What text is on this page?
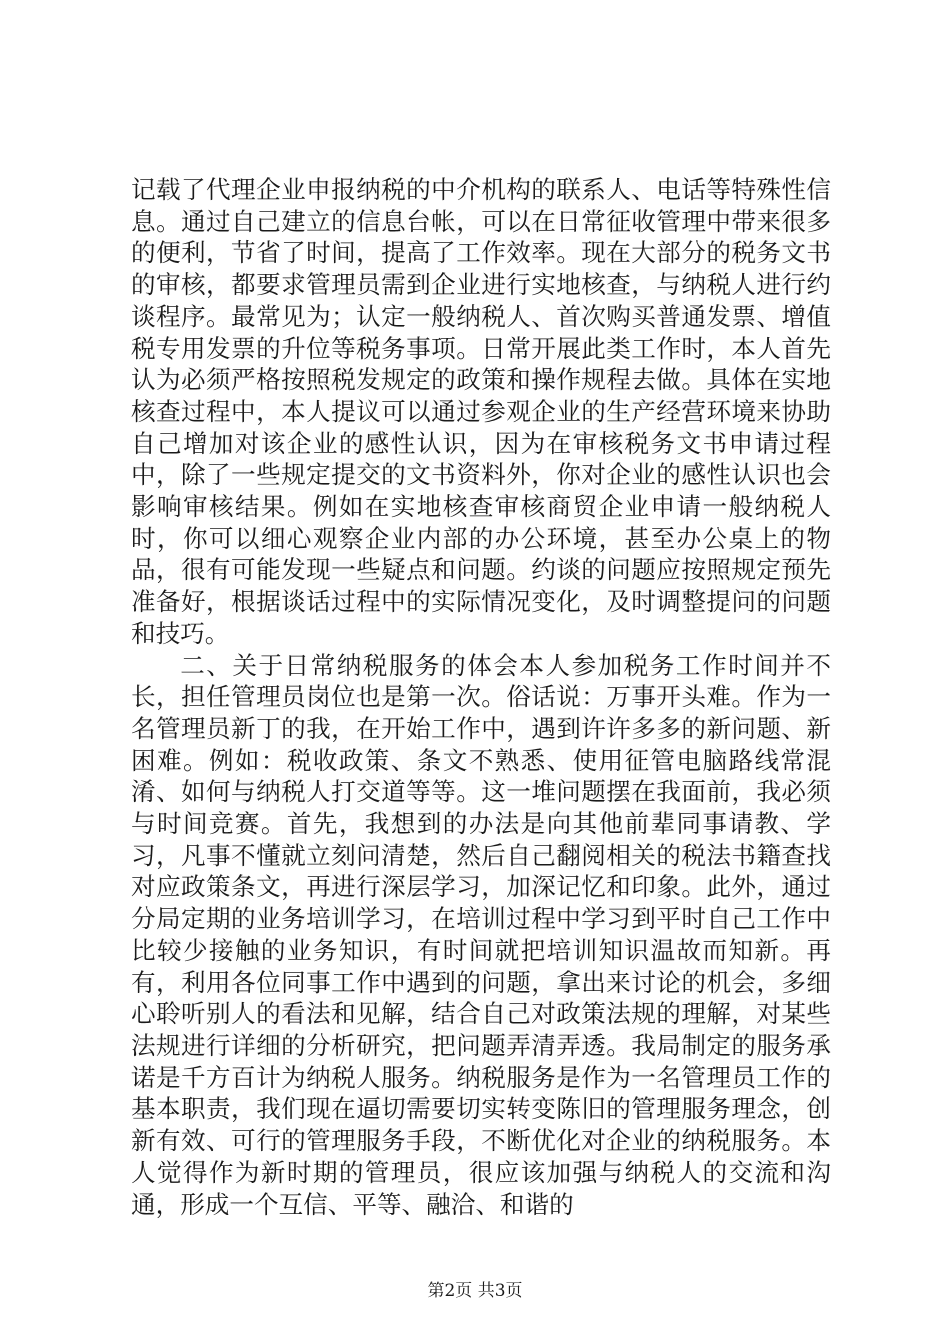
记载了代理企业申报纳税的中介机构的联系人、电话等特殊性信息。通过自己建立的信息台帐，可以在日常征收管理中带来很多的便利，节省了时间，提高了工作效率。现在大部分的税务文书的审核，都要求管理员需到企业进行实地核查，与纳税人进行约谈程序。最常见为；认定一般纳税人、首次购买普通发票、增值税专用发票的升位等税务事项。日常开展此类工作时，本人首先认为必须严格按照税发规定的政策和操作规程去做。具体在实地核查过程中，本人提议可以通过参观企业的生产经营环境来协助自己增加对该企业的感性认识，因为在审核税务文书申请过程中，除了一些规定提交的文书资料外，你对企业的感性认识也会影响审核结果。例如在实地核查审核商贸企业申请一般纳税人时，你可以细心观察企业内部的办公环境，甚至办公桌上的物品，很有可能发现一些疑点和问题。约谈的问题应按照规定预先准备好，根据谈话过程中的实际情况变化，及时调整提问的问题和技巧。

二、关于日常纳税服务的体会本人参加税务工作时间并不长，担任管理员岗位也是第一次。俗话说：万事开头难。作为一名管理员新丁的我，在开始工作中，遇到许许多多的新问题、新困难。例如：税收政策、条文不熟悉、使用征管电脑路线常混淆、如何与纳税人打交道等等。这一堆问题摆在我面前，我必须与时间竞赛。首先，我想到的办法是向其他前辈同事请教、学习，凡事不懂就立刻问清楚，然后自己翻阅相关的税法书籍查找对应政策条文，再进行深层学习，加深记忆和印象。此外，通过分局定期的业务培训学习，在培训过程中学习到平时自己工作中比较少接触的业务知识，有时间就把培训知识温故而知新。再有，利用各位同事工作中遇到的问题，拿出来讨论的机会，多细心聆听别人的看法和见解，结合自己对政策法规的理解，对某些法规进行详细的分析研究，把问题弄清弄透。我局制定的服务承诺是千方百计为纳税人服务。纳税服务是作为一名管理员工作的基本职责，我们现在逼切需要切实转变陈旧的管理服务理念，创新有效、可行的管理服务手段，不断优化对企业的纳税服务。本人觉得作为新时期的管理员，很应该加强与纳税人的交流和沟通，形成一个互信、平等、融洽、和谐的

第2页 共3页
